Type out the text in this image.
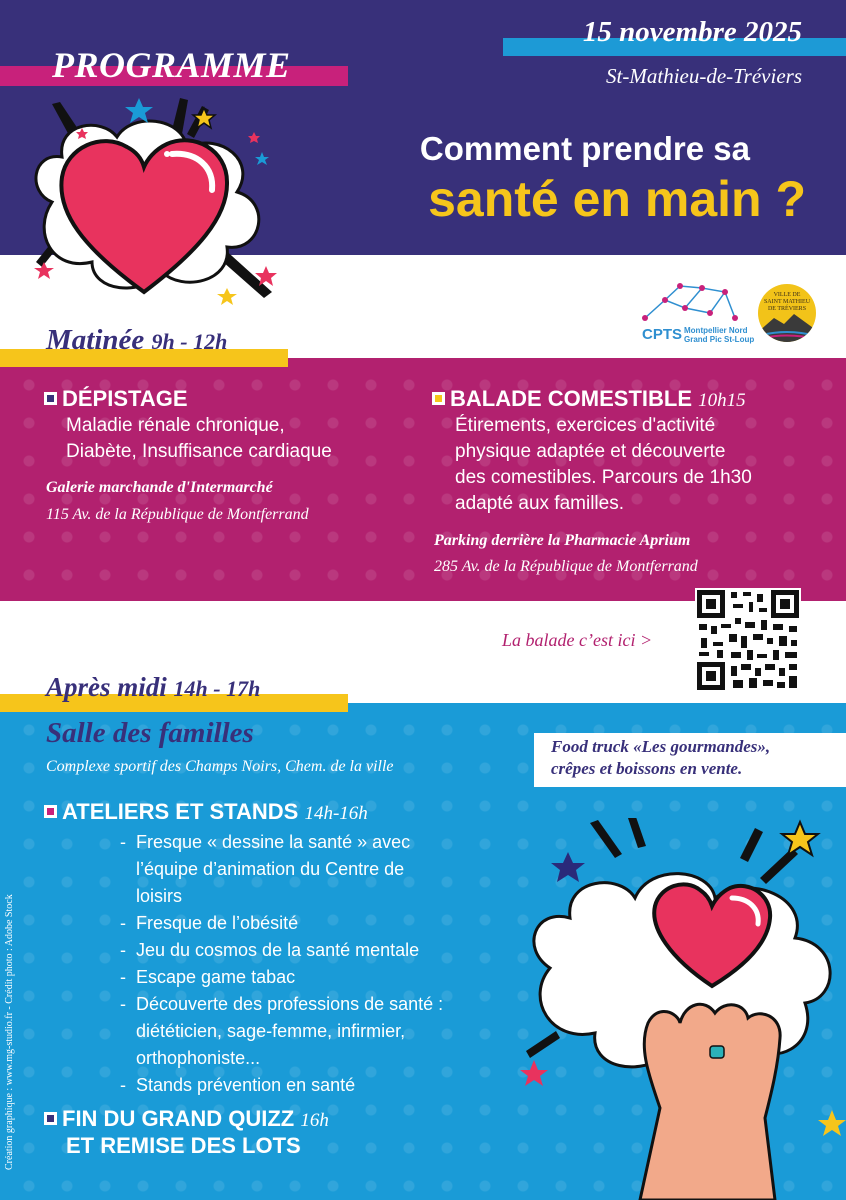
PROGRAMME
15 novembre 2025
St-Mathieu-de-Tréviers
Comment prendre sa
santé en main ?
CPTS Montpellier Nord
Grand Pic St-Loup
VILLE DE
SAINT MATHIEU
DE TRÉVIERS
Matinée 9h - 12h
DÉPISTAGE
Maladie rénale chronique,
Diabète, Insuffisance cardiaque
Galerie marchande d'Intermarché
115 Av. de la République de Montferrand
BALADE COMESTIBLE 10h15
Étirements, exercices d'activité
physique adaptée et découverte
des comestibles. Parcours de 1h30
adapté aux familles.
Parking derrière la Pharmacie Aprium
285 Av. de la République de Montferrand
La balade c’est ici >
Après midi 14h - 17h
Salle des familles
Complexe sportif des Champs Noirs, Chem. de la ville
Food truck «Les gourmandes»,
crêpes et boissons en vente.
ATELIERS ET STANDS 14h-16h
- Fresque « dessine la santé » avec
l’équipe d’animation du Centre de
loisirs
- Fresque de l’obésité
- Jeu du cosmos de la santé mentale
- Escape game tabac
- Découverte des professions de santé :
diététicien, sage-femme, infirmier,
orthophoniste...
- Stands prévention en santé
FIN DU GRAND QUIZZ 16h
ET REMISE DES LOTS
Création graphique : www.mg-studio.fr - Crédit photo : Adobe Stock
